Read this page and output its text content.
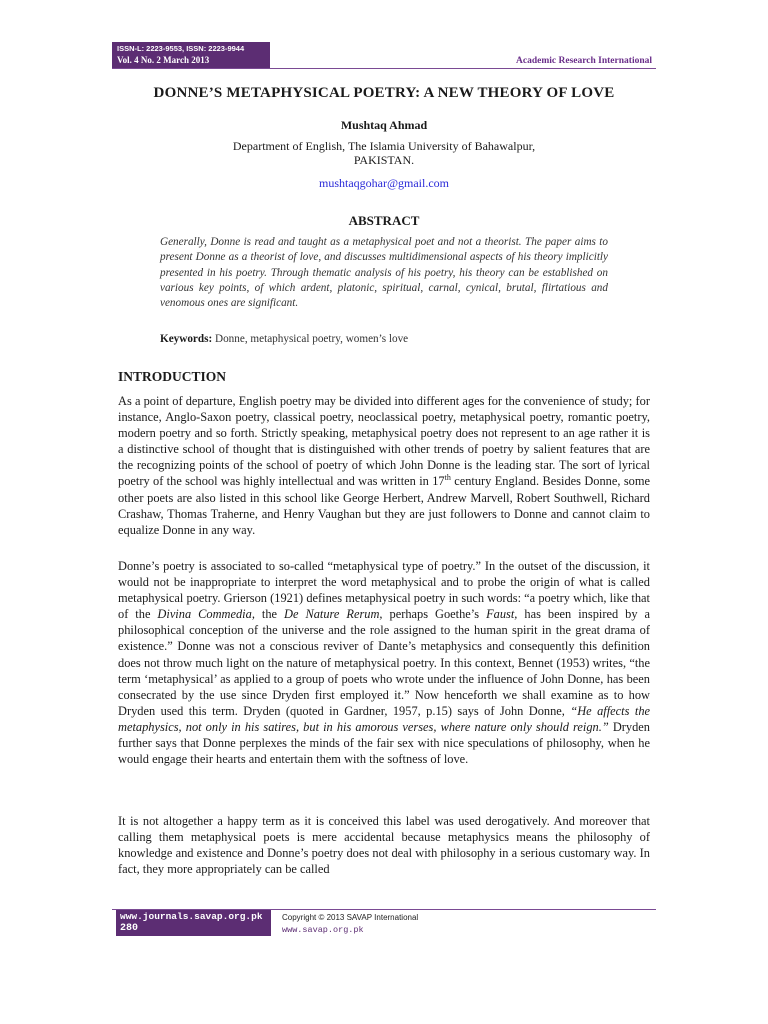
ISSN-L: 2223-9553, ISSN: 2223-9944
Vol. 4 No. 2 March 2013	Academic Research International
DONNE’S METAPHYSICAL POETRY: A NEW THEORY OF LOVE
Mushtaq Ahmad
Department of English, The Islamia University of Bahawalpur,
PAKISTAN.
mushtaqgohar@gmail.com
ABSTRACT
Generally, Donne is read and taught as a metaphysical poet and not a theorist. The paper aims to present Donne as a theorist of love, and discusses multidimensional aspects of his theory implicitly presented in his poetry. Through thematic analysis of his poetry, his theory can be established on various key points, of which ardent, platonic, spiritual, carnal, cynical, brutal, flirtatious and venomous ones are significant.
Keywords: Donne, metaphysical poetry, women’s love
INTRODUCTION
As a point of departure, English poetry may be divided into different ages for the convenience of study; for instance, Anglo-Saxon poetry, classical poetry, neoclassical poetry, metaphysical poetry, romantic poetry, modern poetry and so forth. Strictly speaking, metaphysical poetry does not represent to an age rather it is a distinctive school of thought that is distinguished with other trends of poetry by salient features that are the recognizing points of the school of poetry of which John Donne is the leading star. The sort of lyrical poetry of the school was highly intellectual and was written in 17th century England. Besides Donne, some other poets are also listed in this school like George Herbert, Andrew Marvell, Robert Southwell, Richard Crashaw, Thomas Traherne, and Henry Vaughan but they are just followers to Donne and cannot claim to equalize Donne in any way.
Donne’s poetry is associated to so-called “metaphysical type of poetry.” In the outset of the discussion, it would not be inappropriate to interpret the word metaphysical and to probe the origin of what is called metaphysical poetry. Grierson (1921) defines metaphysical poetry in such words: “a poetry which, like that of the Divina Commedia, the De Nature Rerum, perhaps Goethe’s Faust, has been inspired by a philosophical conception of the universe and the role assigned to the human spirit in the great drama of existence.” Donne was not a conscious reviver of Dante’s metaphysics and consequently this definition does not throw much light on the nature of metaphysical poetry. In this context, Bennet (1953) writes, “the term ‘metaphysical’ as applied to a group of poets who wrote under the influence of John Donne, has been consecrated by the use since Dryden first employed it.” Now henceforth we shall examine as to how Dryden used this term. Dryden (quoted in Gardner, 1957, p.15) says of John Donne, “He affects the metaphysics, not only in his satires, but in his amorous verses, where nature only should reign.” Dryden further says that Donne perplexes the minds of the fair sex with nice speculations of philosophy, when he would engage their hearts and entertain them with the softness of love.
It is not altogether a happy term as it is conceived this label was used derogatively. And moreover that calling them metaphysical poets is mere accidental because metaphysics means the philosophy of knowledge and existence and Donne’s poetry does not deal with philosophy in a serious customary way. In fact, they more appropriately can be called
www.journals.savap.org.pk
280
Copyright © 2013 SAVAP International
www.savap.org.pk
